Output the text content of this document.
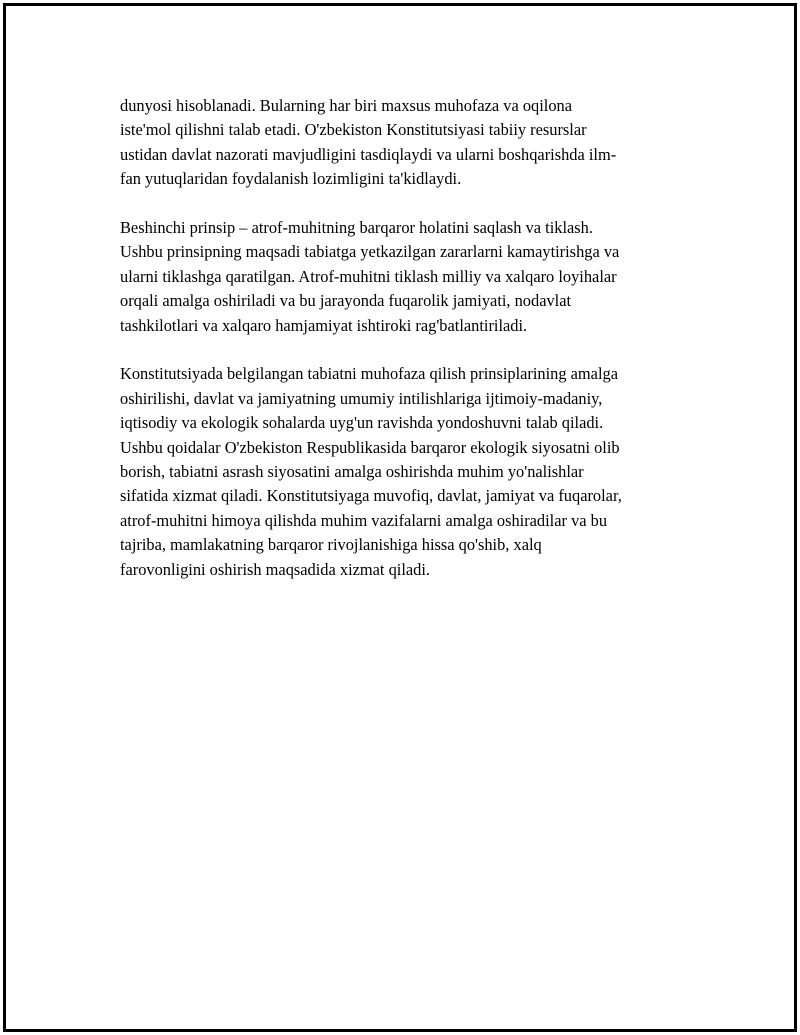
dunyosi hisoblanadi. Bularning har biri maxsus muhofaza va oqilona
iste'mol qilishni talab etadi. O'zbekiston Konstitutsiyasi tabiiy resurslar
ustidan davlat nazorati mavjudligini tasdiqlaydi va ularni boshqarishda ilm-
fan yutuqlaridan foydalanish lozimligini ta'kidlaydi.

Beshinchi prinsip – atrof-muhitning barqaror holatini saqlash va tiklash.
Ushbu prinsipning maqsadi tabiatga yetkazilgan zararlarni kamaytirishga va
ularni tiklashga qaratilgan. Atrof-muhitni tiklash milliy va xalqaro loyihalar
orqali amalga oshiriladi va bu jarayonda fuqarolik jamiyati, nodavlat
tashkilotlari va xalqaro hamjamiyat ishtiroki rag'batlantiriladi.

Konstitutsiyada belgilangan tabiatni muhofaza qilish prinsiplarining amalga
oshirilishi, davlat va jamiyatning umumiy intilishlariga ijtimoiy-madaniy,
iqtisodiy va ekologik sohalarda uyg'un ravishda yondoshuvni talab qiladi.
Ushbu qoidalar O'zbekiston Respublikasida barqaror ekologik siyosatni olib
borish, tabiatni asrash siyosatini amalga oshirishda muhim yo'nalishlar
sifatida xizmat qiladi. Konstitutsiyaga muvofiq, davlat, jamiyat va fuqarolar,
atrof-muhitni himoya qilishda muhim vazifalarni amalga oshiradilar va bu
tajriba, mamlakatning barqaror rivojlanishiga hissa qo'shib, xalq
farovonligini oshirish maqsadida xizmat qiladi.
